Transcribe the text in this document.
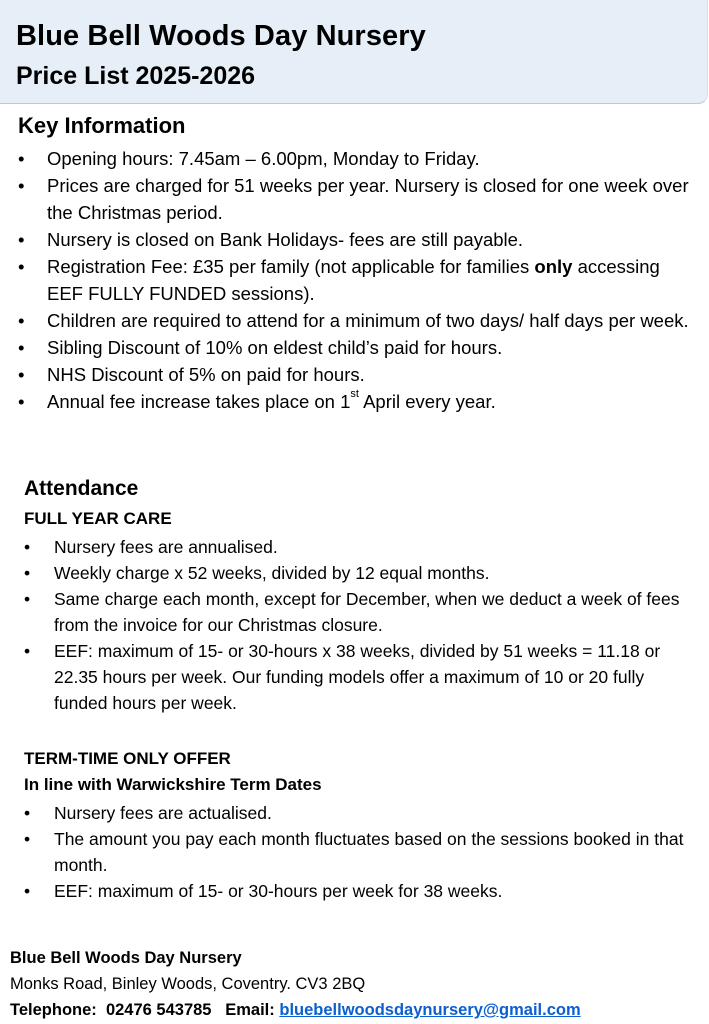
Blue Bell Woods Day Nursery
Price List 2025-2026
Key Information
• Opening hours: 7.45am – 6.00pm, Monday to Friday.
• Prices are charged for 51 weeks per year. Nursery is closed for one week over the Christmas period.
• Nursery is closed on Bank Holidays- fees are still payable.
• Registration Fee: £35 per family (not applicable for families only accessing EEF FULLY FUNDED sessions).
• Children are required to attend for a minimum of two days/ half days per week.
• Sibling Discount of 10% on eldest child’s paid for hours.
• NHS Discount of 5% on paid for hours.
• Annual fee increase takes place on 1st April every year.
Attendance
FULL YEAR CARE
• Nursery fees are annualised.
• Weekly charge x 52 weeks, divided by 12 equal months.
• Same charge each month, except for December, when we deduct a week of fees from the invoice for our Christmas closure.
• EEF: maximum of 15- or 30-hours x 38 weeks, divided by 51 weeks = 11.18 or 22.35 hours per week. Our funding models offer a maximum of 10 or 20 fully funded hours per week.
TERM-TIME ONLY OFFER
In line with Warwickshire Term Dates
• Nursery fees are actualised.
• The amount you pay each month fluctuates based on the sessions booked in that month.
• EEF: maximum of 15- or 30-hours per week for 38 weeks.
Blue Bell Woods Day Nursery
Monks Road, Binley Woods, Coventry. CV3 2BQ
Telephone: 02476 543785 Email: bluebellwoodsdaynursery@gmail.com
